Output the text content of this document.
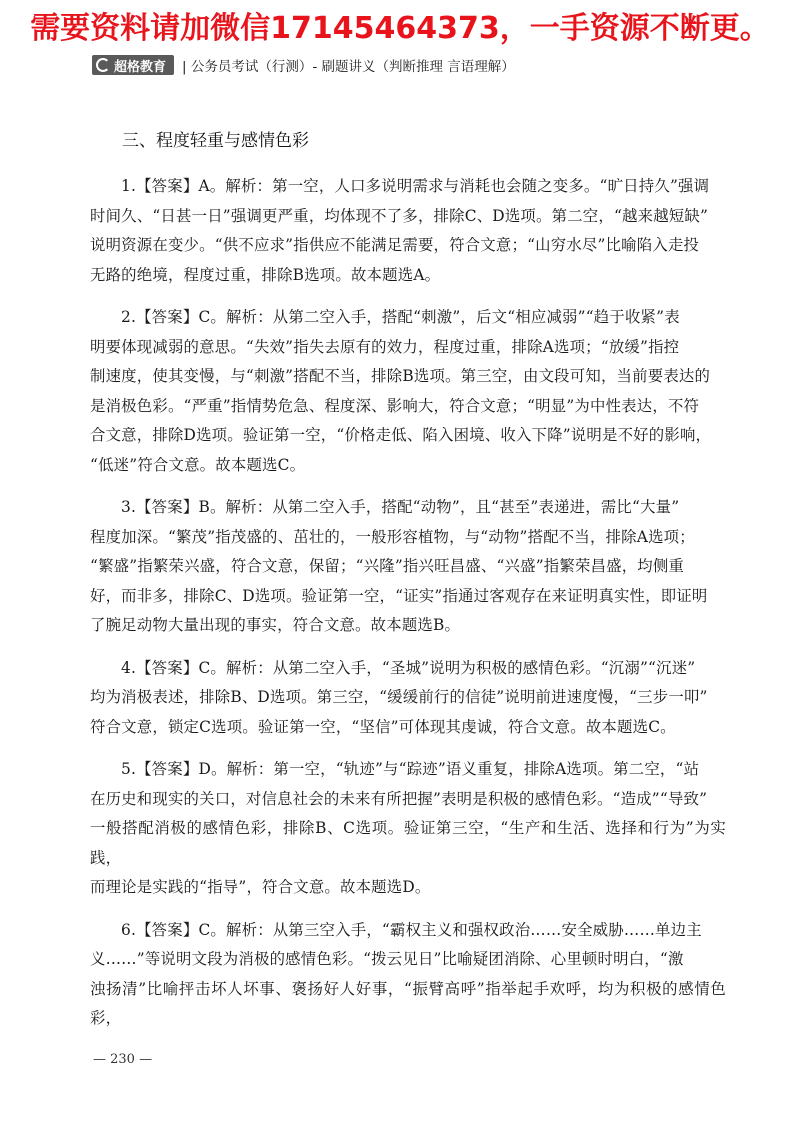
需要资料请加微信17145464373，一手资源不断更。
超格教育 | 公务员考试（行测）- 刷题讲义（判断推理 言语理解）
三、程度轻重与感情色彩

1.【答案】A。解析：第一空，人口多说明需求与消耗也会随之变多。“旷日持久”强调
时间久、“日甚一日”强调更严重，均体现不了多，排除C、D选项。第二空，“越来越短缺”
说明资源在变少。“供不应求”指供应不能满足需要，符合文意；“山穷水尽”比喻陷入走投
无路的绝境，程度过重，排除B选项。故本题选A。

2.【答案】C。解析：从第二空入手，搭配“刺激”，后文“相应减弱”“趋于收紧”表
明要体现减弱的意思。“失效”指失去原有的效力，程度过重，排除A选项；“放缓”指控
制速度，使其变慢，与“刺激”搭配不当，排除B选项。第三空，由文段可知，当前要表达的
是消极色彩。“严重”指情势危急、程度深、影响大，符合文意；“明显”为中性表达，不符
合文意，排除D选项。验证第一空，“价格走低、陷入困境、收入下降”说明是不好的影响，
“低迷”符合文意。故本题选C。

3.【答案】B。解析：从第二空入手，搭配“动物”，且“甚至”表递进，需比“大量”
程度加深。“繁茂”指茂盛的、茁壮的，一般形容植物，与“动物”搭配不当，排除A选项；
“繁盛”指繁荣兴盛，符合文意，保留；“兴隆”指兴旺昌盛、“兴盛”指繁荣昌盛，均侧重
好，而非多，排除C、D选项。验证第一空，“证实”指通过客观存在来证明真实性，即证明
了腕足动物大量出现的事实，符合文意。故本题选B。

4.【答案】C。解析：从第二空入手，“圣城”说明为积极的感情色彩。“沉溺”“沉迷”
均为消极表述，排除B、D选项。第三空，“缓缓前行的信徒”说明前进速度慢，“三步一叩”
符合文意，锁定C选项。验证第一空，“坚信”可体现其虔诚，符合文意。故本题选C。

5.【答案】D。解析：第一空，“轨迹”与“踪迹”语义重复，排除A选项。第二空，“站
在历史和现实的关口，对信息社会的未来有所把握”表明是积极的感情色彩。“造成”“导致”
一般搭配消极的感情色彩，排除B、C选项。验证第三空，“生产和生活、选择和行为”为实践，
而理论是实践的“指导”，符合文意。故本题选D。

6.【答案】C。解析：从第三空入手，“霸权主义和强权政治……安全威胁……单边主
义……”等说明文段为消极的感情色彩。“拨云见日”比喻疑团消除、心里顿时明白，“激
浊扬清”比喻抨击坏人坏事、褒扬好人好事，“振臂高呼”指举起手欢呼，均为积极的感情色彩，

— 230 —
